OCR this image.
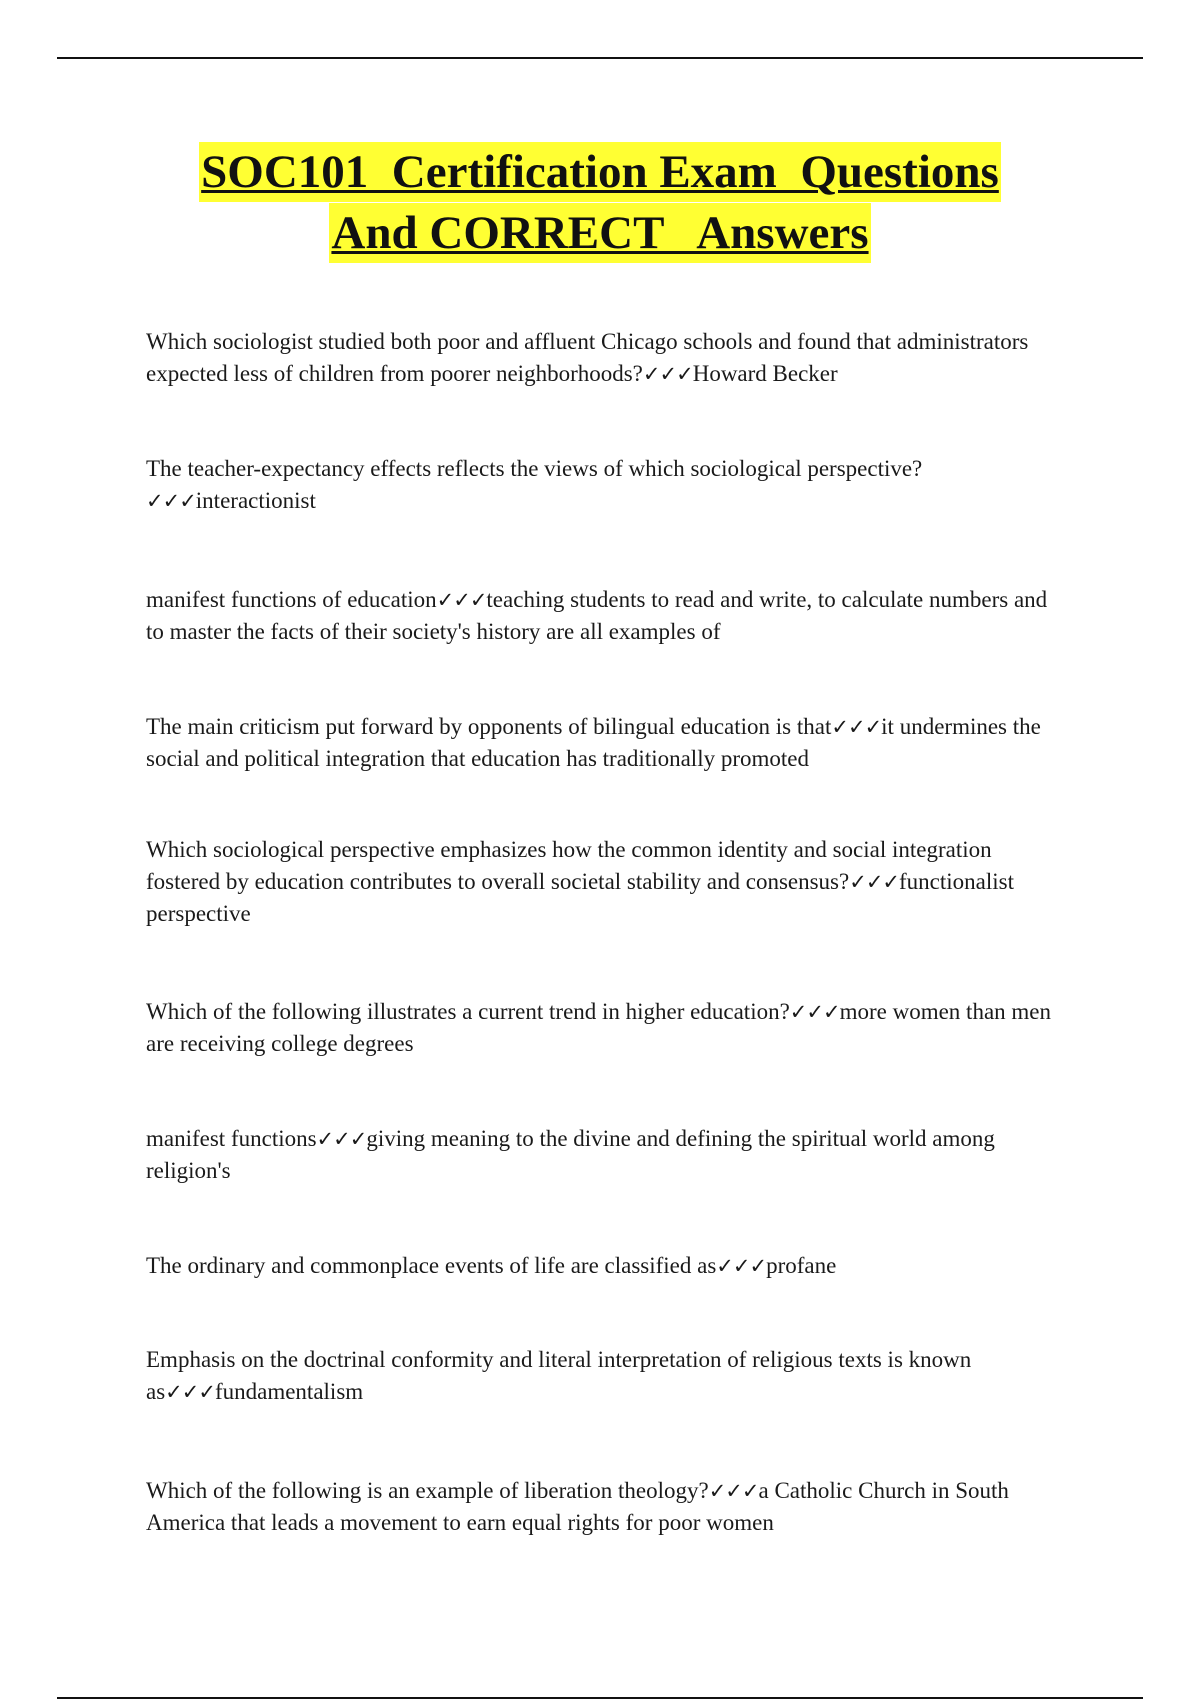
SOC101  Certification Exam  Questions
And CORRECT   Answers
Which sociologist studied both poor and affluent Chicago schools and found that administrators expected less of children from poorer neighborhoods?✓✓✓Howard Becker
The teacher-expectancy effects reflects the views of which sociological perspective?✓✓✓interactionist
manifest functions of education✓✓✓teaching students to read and write, to calculate numbers and to master the facts of their society's history are all examples of
The main criticism put forward by opponents of bilingual education is that✓✓✓it undermines the social and political integration that education has traditionally promoted
Which sociological perspective emphasizes how the common identity and social integration fostered by education contributes to overall societal stability and consensus?✓✓✓functionalist perspective
Which of the following illustrates a current trend in higher education?✓✓✓more women than men are receiving college degrees
manifest functions✓✓✓giving meaning to the divine and defining the spiritual world among religion's
The ordinary and commonplace events of life are classified as✓✓✓profane
Emphasis on the doctrinal conformity and literal interpretation of religious texts is known as✓✓✓fundamentalism
Which of the following is an example of liberation theology?✓✓✓a Catholic Church in South America that leads a movement to earn equal rights for poor women
